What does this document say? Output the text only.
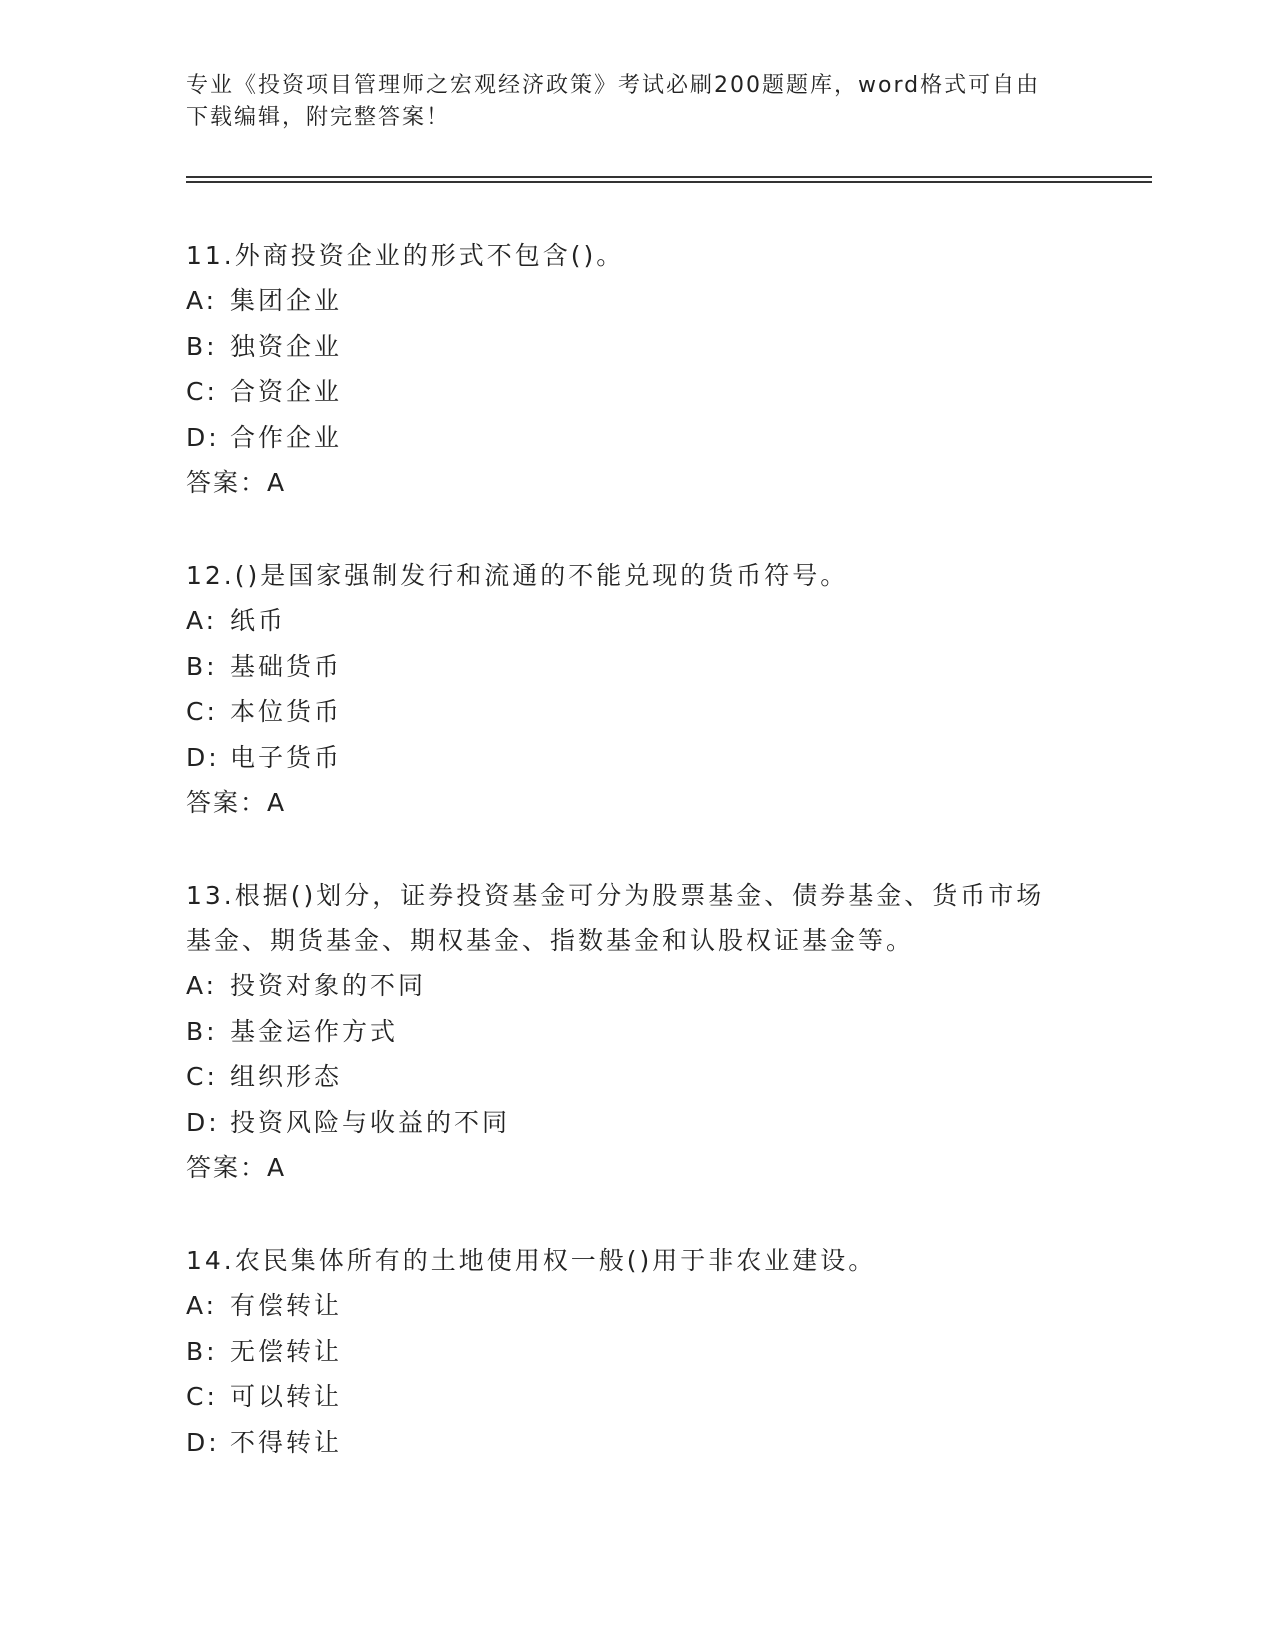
专业《投资项目管理师之宏观经济政策》考试必刷200题题库，word格式可自由
下载编辑，附完整答案！

11.外商投资企业的形式不包含()。

A: 集团企业

B: 独资企业

C: 合资企业

D: 合作企业

答案：A

12.()是国家强制发行和流通的不能兑现的货币符号。

A: 纸币

B: 基础货币

C: 本位货币

D: 电子货币

答案：A

13.根据()划分，证券投资基金可分为股票基金、债券基金、货币市场

基金、期货基金、期权基金、指数基金和认股权证基金等。

A: 投资对象的不同

B: 基金运作方式

C: 组织形态

D: 投资风险与收益的不同

答案：A

14.农民集体所有的土地使用权一般()用于非农业建设。

A: 有偿转让

B: 无偿转让

C: 可以转让

D: 不得转让
